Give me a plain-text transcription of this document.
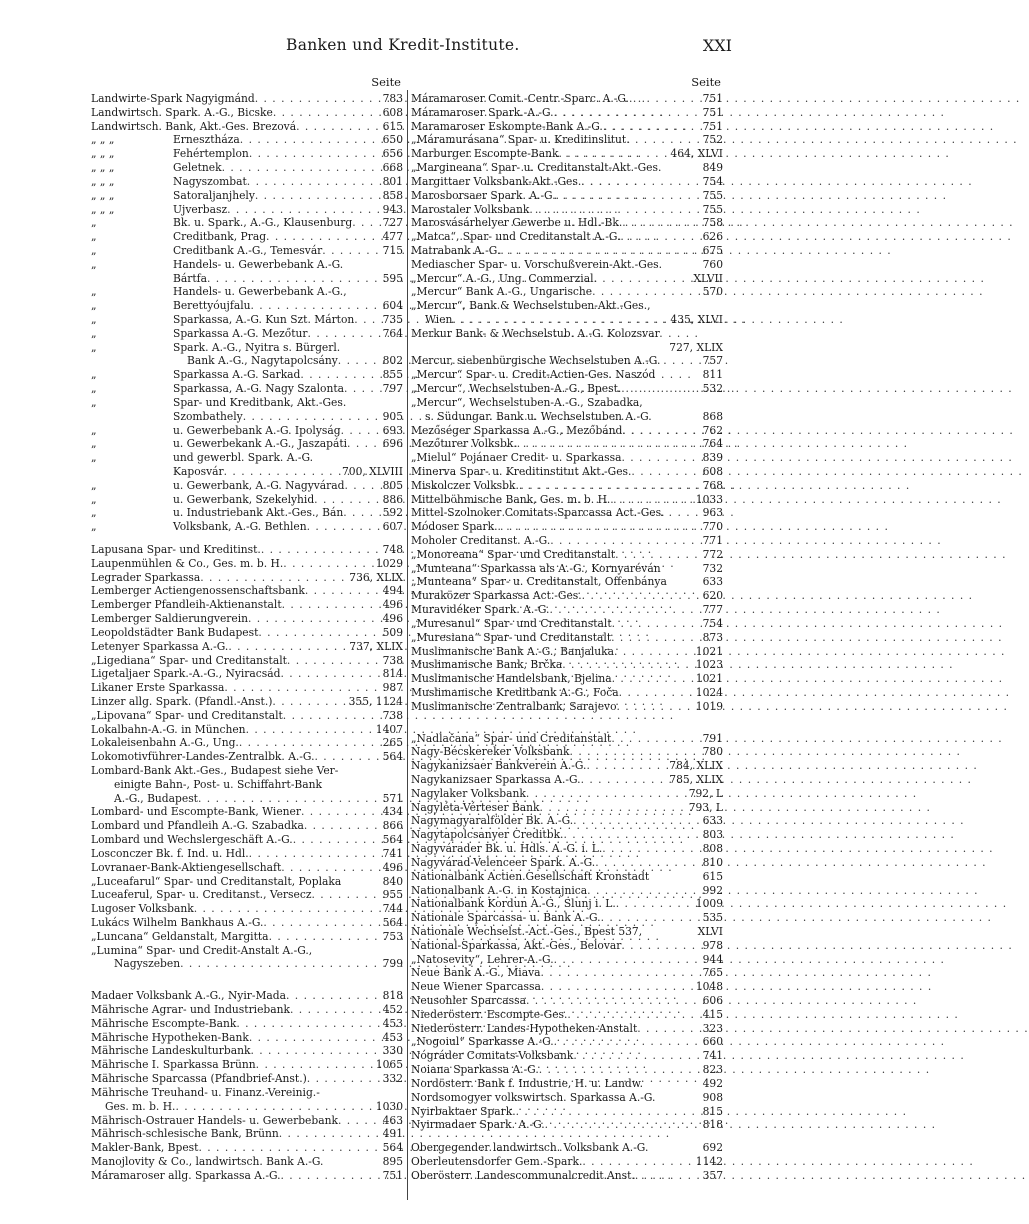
Banken und Kredit-Institute.	XXI
Seite
Landwirte-Spark Nagyigmánd . . .	783
Landwirtsch. Spark. A.-G., Bicske . . .	608
Landwirtsch. Bank, Akt.-Ges. Brezová . . .	615
„ „ „	Ernesztháza . . .	650
„ „ „	Fehértemplon . . .	656
„ „ „	Geletnek . . .	668
„ „ „	Nagyszombat . . .	801
„ „ „	Satoraljanjhely . . .	858
„ „ „	Ujverbasz . . .	943
„	Bk. u. Spark., A.-G., Klausenburg . . .	727
„	Creditbank, Prag . . .	477
„	Creditbank A.-G., Temesvár . . .	715
„	Handels- u. Gewerbebank A.-G.
Bártfa . . .	595
„	Handels- u. Gewerbebank A.-G.,
„	Berettyóujfalu . . .	604
„	Sparkassa, A.-G. Kun Szt. Márton . . .	735
„	Sparkassa A.-G. Mezőtur . . .	764
„	Spark. A.-G., Nyitra s. Bürgerl.
Bank A.-G., Nagytapolcsány . . .	802
„	Sparkassa A.-G. Sarkad . . .	855
„	Sparkassa, A.-G. Nagy Szalonta . . .	797
„	Spar- und Kreditbank, Akt.-Ges.
Szombathely . . .	905
„	u. Gewerbebank A.-G. Ipolyság . . .	693
„	u. Gewerbekank A.-G., Jaszapáti . . .	696
„	und gewerbl. Spark. A.-G.
Kaposvár . . .	700, XLVIII
„	u. Gewerbank, A.-G. Nagyvárad . . .	805
„	u. Gewerbank, Szekelyhid . . .	886
„	u. Industriebank Akt.-Ges., Bán . . .	592
„	Volksbank, A.-G. Bethlen . . .	607
Lapusana Spar- und Kreditinst. . . .	748
Laupenmühlen & Co., Ges. m. b. H. . . .	1029
Legrader Sparkassa . . .	736, XLIX
Lemberger Actiengenossenschaftsbank . . .	494
Lemberger Pfandleih-Aktienanstalt . . .	496
Lemberger Saldierungverein . . .	496
Leopoldstädter Bank Budapest . . .	509
Letenyer Sparkassa A.-G. . . .	737, XLIX
„Ligediana“ Spar- und Creditanstalt . . .	738
Ligetaljaer Spark.-A.-G., Nyiracsád . . .	814
Likaner Erste Sparkassa . . .	987
Linzer allg. Spark. (Pfandl.-Anst.) . . .	355, 1124
„Lipovana“ Spar- und Creditanstalt . . .	738
Lokalbahn-A.-G. in München . . .	1407
Lokaleisenbahn A.-G., Ung. . . .	265
Lokomotivführer-Landes-Zentralbk. A.-G. . . .	564
Lombard-Bank Akt.-Ges., Budapest siehe Ver-
einigte Bahn-, Post- u. Schiffahrt-Bank
A.-G., Budapest . . .	571
Lombard- und Escompte-Bank, Wiener . . .	434
Lombard und Pfandleih A.-G. Szabadka . . .	866
Lombard und Wechslergeschäft A.-G. . . .	564
Losconczer Bk. f. Ind. u. Hdl. . . .	741
Lovranaer-Bank-Aktiengesellschaft . . .	496
„Luceafarul“ Spar- und Creditanstalt, Poplaka	840
Luceaferul, Spar- u. Creditanst., Versecz . . .	955
Lugoser Volksbank . . .	744
Lukács Wilhelm Bankhaus A.-G. . . .	564
„Luncana“ Geldanstalt, Margitta . . .	753
„Lumina“ Spar- und Credit-Anstalt A.-G.,
Nagyszeben . . .	799
Madaer Volksbank A.-G., Nyir-Mada . . .	818
Mährische Agrar- und Industriebank . . .	452
Mährische Escompte-Bank . . .	453
Mährische Hypotheken-Bank . . .	453
Mährische Landeskulturbank . . .	330
Mährische I. Sparkassa Brünn . . .	1065
Mährische Sparcassa (Pfandbrief-Anst.) . . .	332
Mährische Treuhand- u. Finanz.-Vereinig.-
Ges. m. b. H. . . .	1030
Mährisch-Ostrauer Handels- u. Gewerbebank . . .	463
Mährisch-schlesische Bank, Brünn . . .	491
Makler-Bank, Bpest . . .	564
Manojlovity & Co., landwirtsch. Bank A.-G.	895
Máramaroser allg. Sparkassa A.-G. . . .	751
Seite
Máramaroser Comit.-Centr.-Sparc. A.-G. . . .	751
Máramaroser Spark.-A.-G. . . .	751
Maramaroser Eskompte-Bank A.-G. . . .	751
„Máramurásana“ Spar- u. Kreditinslitut . . .	752
Marburger Escompte-Bank . . .	464, XLVI
„Margineana“ Spar- u. Creditanstalt-Akt.-Ges.	849
Margittaer Volksbank-Akt.-Ges. . . .	754
Marosborsaer Spark. A.-G. . . .	755
Marostaler Volksbank . . .	755
Marosvásárhelyer Gewerbe u. Hdl.-Bk. . . .	758
„Matca“, Spar- und Creditanstalt A.-G. . . .	626
Matrabank A.-G. . . .	675
Mediascher Spar- u. Vorschußverein-Akt.-Ges.	760
„Mercur“ A.-G., Ung. Commerzial . . .	XLVII
„Mercur“ Bank A.-G., Ungarische . . .	570
„Mercur“, Bank & Wechselstuben-Akt.-Ges.,
Wien . . .	435, XLVI
Merkur Bank- & Wechselstub. A.-G. Kolozsvar
727, XLIX
Mercur, siebenbürgische Wechselstuben A.-G.	757
„Mercur“ Spar- u. Credit-Actien-Ges. Naszód	811
„Mercur“, Wechselstuben-A.-G., Bpest. . . .	532
„Mercur“, Wechselstuben-A.-G., Szabadka,
s. Südungar. Bank u. Wechselstuben A.-G.	868
Mezőséger Sparkassa A.-G., Mezőbánd . . .	762
Mezőturer Volksbk. . . .	764
„Mielul“ Pojánaer Credit- u. Sparkassa . . .	839
Minerva Spar- u. Kreditinstitut Akt.-Ges. . . .	608
Miskolczer Volksbk. . . .	768
Mittelböhmische Bank, Ges. m. b. H. . . .	1033
Mittel-Szolnoker Comitats-Sparcassa Act.-Ges.	963
Módoser Spark. . . .	770
Moholer Creditanst. A.-G. . . .	771
„Monoreana“ Spar- und Creditanstalt . . .	772
„Munteana“ Sparkassa als A.-G., Kornyaréván	732
„Munteana“ Spar- u. Creditanstalt, Offenbánya	633
Muraközer Sparkassa Act.-Ges. . . .	620
Muravidéker Spark. A.-G. . . .	777
„Muresanul“ Spar- und Creditanstalt . . .	754
„Muresiana“ Spar- und Creditanstalt . . .	873
Muslimanische Bank A.-G., Banjaluka . . .	1021
Muslimanische Bank, Brčka . . .	1023
Muslimanische Handelsbank, Bjelina . . .	1021
Muslimanische Kreditbank A.-G., Foča . . .	1024
Muslimanische Zentralbank, Sarajevo . . .	1019
„Nadlačana“ Spar- und Creditanstalt . . .	791
Nagy-Bécskereker Volksbank . . .	780
Nagykanizsaer Bankverein A.-G. . . .	784, XLIX
Nagykanizsaer Sparkassa A.-G. . . .	785, XLIX
Nagylaker Volksbank . . .	792, L
Nagyléta-Vérteser Bank . . .	793, L
Nagymagyaralfölder Bk. A.-G. . . .	633
Nagytapolcsanyer Creditbk. . . .	803
Nagyvárader Bk. u. Hdls. A.-G. i. L. . . .	808
Nagyvárad-Velenceer Spark. A.-G. . . .	810
Nationalbank Actien.Gesellschaft Kronstadt	615
Nationalbank A.-G. in Kostajnica . . .	992
Nationalbank Kordun A.-G., Slunj i. L. . . .	1009
Nationale Sparcassa- u. Bank A.-G. . . .	535
Nationale Wechselst.-Act.-Ges., Bpest 537,	XLVI
National-Sparkassa, Akt.-Ges., Belovar . . .	978
„Natosevity“, Lehrer-A.-G. . . .	944
Neue Bank A.-G., Miava . . .	765
Neue Wiener Sparcassa . . .	1048
Neusohler Sparcassa . . .	606
Niederösterr. Escompte-Ges. . . .	415
Niederösterr. Landes-Hypotheken-Anstalt . . .	323
„Nogoiul“ Sparkasse A.-G. . . .	660
Nógráder Comitats-Volksbank . . .	741
Noiana Sparkassa A.-G. . . .	823
Nordösterr. Bank f. Industrie, H. u. Landw.	492
Nordsomogyer volkswirtsch. Sparkassa A.-G.	908
Nyirbaktaer Spark. . . .	815
Nyirmadaer Spark. A.-G. . . .	818
Obergegender landwirtsch. Volksbank A.-G.	692
Oberleutensdorfer Gem.-Spark. . . .	1142
Oberösterr. Landescommunalcredit.Anst. . . .	357
